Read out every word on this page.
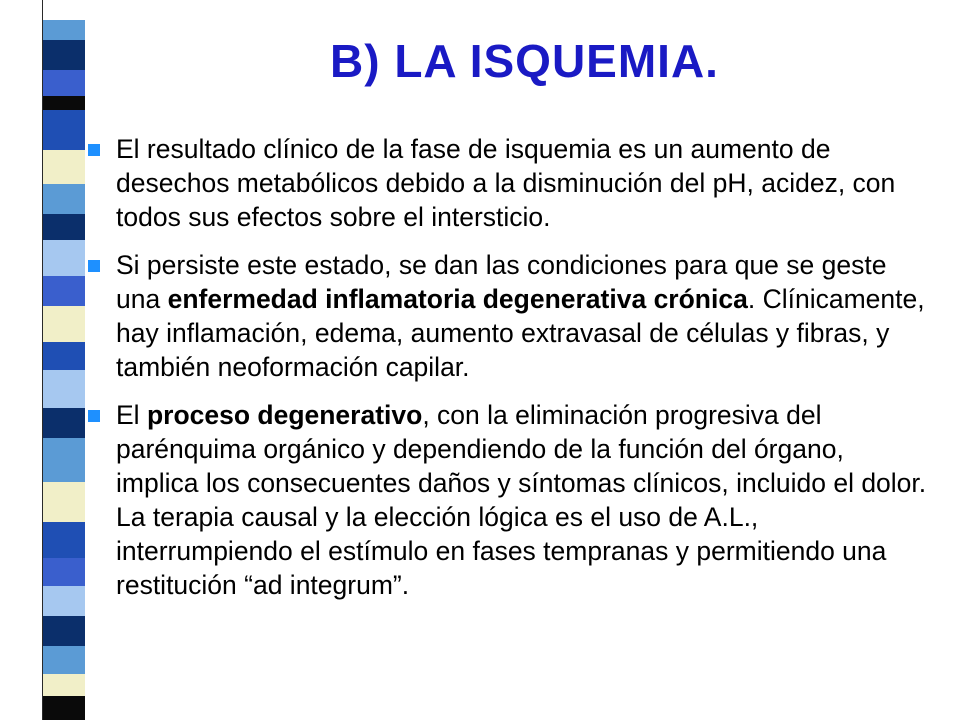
B) LA ISQUEMIA.
El resultado clínico de la fase de isquemia es un aumento de desechos metabólicos debido a la disminución del pH, acidez, con todos sus efectos sobre el intersticio.
Si persiste este estado, se dan las condiciones para que se geste una enfermedad inflamatoria degenerativa crónica. Clínicamente, hay inflamación, edema, aumento extravasal de células y fibras, y también neoformación capilar.
El proceso degenerativo, con la eliminación progresiva del parénquima orgánico y dependiendo de la función del órgano, implica los consecuentes daños y síntomas clínicos, incluido el dolor. La terapia causal y la elección lógica es el uso de A.L., interrumpiendo el estímulo en fases tempranas y permitiendo una restitución “ad integrum”.
